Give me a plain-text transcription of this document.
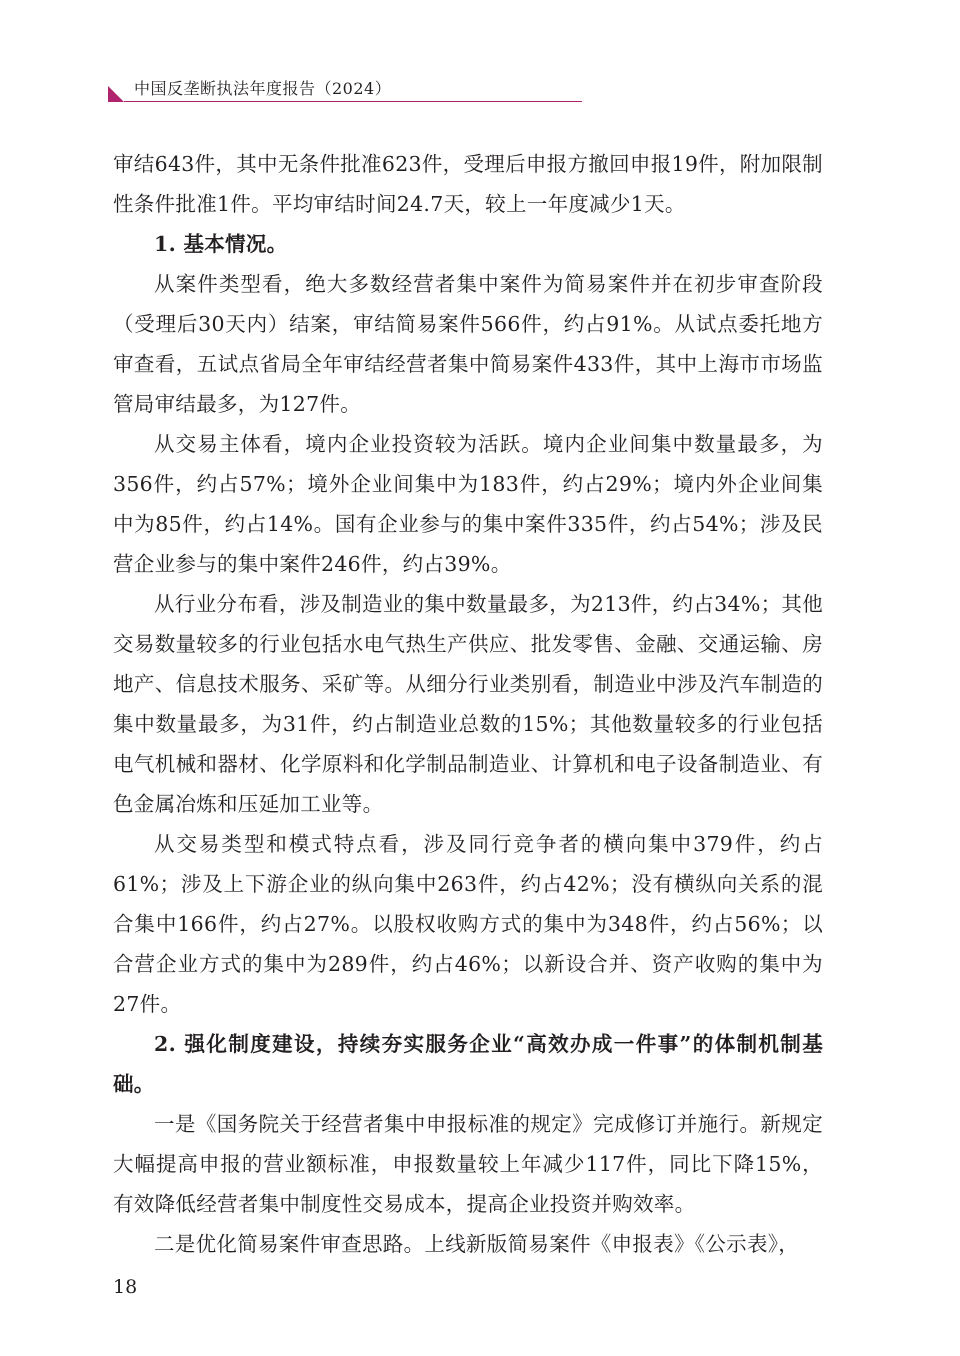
中国反垄断执法年度报告（2024）

审结643件，其中无条件批准623件，受理后申报方撤回申报19件，附加限制性条件批准1件。平均审结时间24.7天，较上一年度减少1天。

1. 基本情况。

从案件类型看，绝大多数经营者集中案件为简易案件并在初步审查阶段（受理后30天内）结案，审结简易案件566件，约占91%。从试点委托地方审查看，五试点省局全年审结经营者集中简易案件433件，其中上海市市场监管局审结最多，为127件。

从交易主体看，境内企业投资较为活跃。境内企业间集中数量最多，为356件，约占57%；境外企业间集中为183件，约占29%；境内外企业间集中为85件，约占14%。国有企业参与的集中案件335件，约占54%；涉及民营企业参与的集中案件246件，约占39%。

从行业分布看，涉及制造业的集中数量最多，为213件，约占34%；其他交易数量较多的行业包括水电气热生产供应、批发零售、金融、交通运输、房地产、信息技术服务、采矿等。从细分行业类别看，制造业中涉及汽车制造的集中数量最多，为31件，约占制造业总数的15%；其他数量较多的行业包括电气机械和器材、化学原料和化学制品制造业、计算机和电子设备制造业、有色金属冶炼和压延加工业等。

从交易类型和模式特点看，涉及同行竞争者的横向集中379件，约占61%；涉及上下游企业的纵向集中263件，约占42%；没有横纵向关系的混合集中166件，约占27%。以股权收购方式的集中为348件，约占56%；以合营企业方式的集中为289件，约占46%；以新设合并、资产收购的集中为27件。

2. 强化制度建设，持续夯实服务企业“高效办成一件事”的体制机制基础。

一是《国务院关于经营者集中申报标准的规定》完成修订并施行。新规定大幅提高申报的营业额标准，申报数量较上年减少117件，同比下降15%，有效降低经营者集中制度性交易成本，提高企业投资并购效率。

二是优化简易案件审查思路。上线新版简易案件《申报表》《公示表》，

18
